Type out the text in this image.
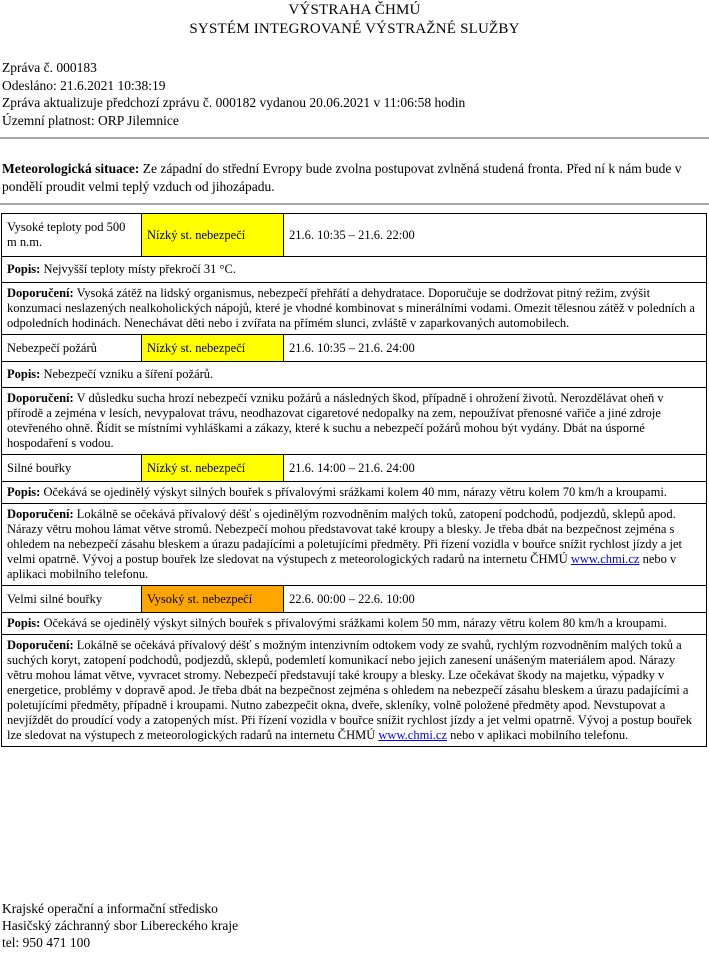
VÝSTRAHA ČHMÚ
SYSTÉM INTEGROVANÉ VÝSTRAŽNÉ SLUŽBY
Zpráva č. 000183
Odesláno: 21.6.2021 10:38:19
Zpráva aktualizuje předchozí zprávu č. 000182 vydanou 20.06.2021 v 11:06:58 hodin
Územní platnost: ORP Jilemnice
Meteorologická situace: Ze západní do střední Evropy bude zvolna postupovat zvlněná studená fronta. Před ní k nám bude v pondělí proudit velmi teplý vzduch od jihozápadu.
Vysoké teploty pod 500 m n.m.	Nízký st. nebezpečí	21.6. 10:35 – 21.6. 22:00
Popis: Nejvyšší teploty místy překročí 31 °C.		
Doporučení: Vysoká zátěž na lidský organismus, nebezpečí přehřátí a dehydratace. Doporučuje se dodržovat pitný režim, zvýšit konzumaci neslazených nealkoholických nápojů, které je vhodné kombinovat s minerálními vodami. Omezit tělesnou zátěž v poledních a odpoledních hodinách. Nenechávat děti nebo i zvířata na přímém slunci, zvláště v zaparkovaných automobilech.		
Nebezpečí požárů	Nízký st. nebezpečí	21.6. 10:35 – 21.6. 24:00
Popis: Nebezpečí vzniku a šíření požárů.		
Doporučení: V důsledku sucha hrozí nebezpečí vzniku požárů a následných škod, případně i ohrožení životů. Nerozdělávat oheň v přírodě a zejména v lesích, nevypalovat trávu, neodhazovat cigaretové nedopalky na zem, nepoužívat přenosné vařiče a jiné zdroje otevřeného ohně. Řídit se místními vyhláškami a zákazy, které k suchu a nebezpečí požárů mohou být vydány. Dbát na úsporné hospodaření s vodou.		
Silné bouřky	Nízký st. nebezpečí	21.6. 14:00 – 21.6. 24:00
Popis: Očekává se ojedinělý výskyt silných bouřek s přívalovými srážkami kolem 40 mm, nárazy větru kolem 70 km/h a kroupami.		
Doporučení: Lokálně se očekává přívalový déšť s ojedinělým rozvodněním malých toků, zatopení podchodů, podjezdů, sklepů apod. Nárazy větru mohou lámat větve stromů. Nebezpečí mohou představovat také kroupy a blesky. Je třeba dbát na bezpečnost zejména s ohledem na nebezpečí zásahu bleskem a úrazu padajícími a poletujícími předměty. Při řízení vozidla v bouřce snížit rychlost jízdy a jet velmi opatrně. Vývoj a postup bouřek lze sledovat na výstupech z meteorologických radarů na internetu ČHMÚ www.chmi.cz nebo v aplikaci mobilního telefonu.		
Velmi silné bouřky	Vysoký st. nebezpečí	22.6. 00:00 – 22.6. 10:00
Popis: Očekává se ojedinělý výskyt silných bouřek s přívalovými srážkami kolem 50 mm, nárazy větru kolem 80 km/h a kroupami.		
Doporučení: Lokálně se očekává přívalový déšť s možným intenzivním odtokem vody ze svahů, rychlým rozvodněním malých toků a suchých koryt, zatopení podchodů, podjezdů, sklepů, podemletí komunikací nebo jejich zanesení unášeným materiálem apod. Nárazy větru mohou lámat větve, vyvracet stromy. Nebezpečí představují také kroupy a blesky. Lze očekávat škody na majetku, výpadky v energetice, problémy v dopravě apod. Je třeba dbát na bezpečnost zejména s ohledem na nebezpečí zásahu bleskem a úrazu padajícími a poletujícími předměty, případně i kroupami. Nutno zabezpečit okna, dveře, skleníky, volně položené předměty apod. Nevstupovat a nevjíždět do proudící vody a zatopených míst. Při řízení vozidla v bouřce snížit rychlost jízdy a jet velmi opatrně. Vývoj a postup bouřek lze sledovat na výstupech z meteorologických radarů na internetu ČHMÚ www.chmi.cz nebo v aplikaci mobilního telefonu.		
Krajské operační a informační středisko
Hasičský záchranný sbor Libereckého kraje
tel: 950 471 100
